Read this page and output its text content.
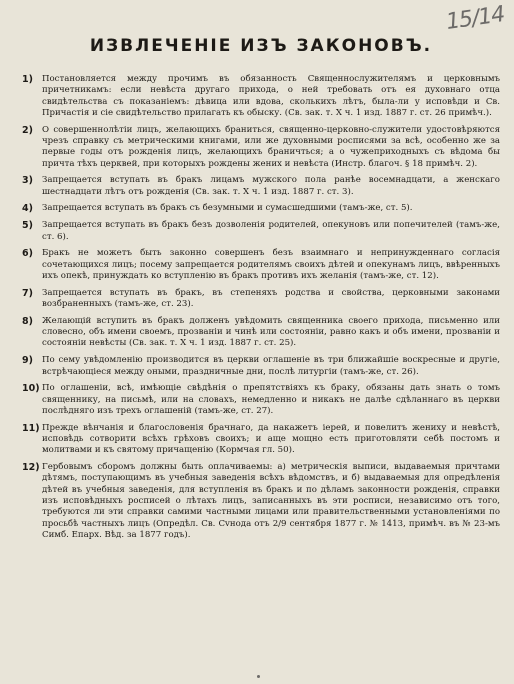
15/14
ИЗВЛЕЧЕНІЕ ИЗЪ ЗАКОНОВЪ.
1)	Постановляется между прочимъ въ обязанность Священнослужителямъ и церковнымъ причетникамъ: если невѣста другаго прихода, о ней требовать отъ ея духовнаго отца свидѣтельства съ показаніемъ: дѣвица или вдова, сколькихъ лѣтъ, была-ли у исповѣди и Св. Причастія и сіе свидѣтельство прилагать къ обыску. (Св. зак. т. X ч. 1 изд. 1887 г. ст. 26 примѣч.).
2)	О совершеннолѣтіи лицъ, желающихъ браниться, священно-церковно-служители удостовѣряются чрезъ справку съ метрическими книгами, или же духовными росписями за всѣ, особенно же за первые годы отъ рожденія лицъ, желающихъ браничться; а о чужеприходныхъ съ вѣдома бы причта тѣхъ церквей, при которыхъ рождены жених и невѣста (Инстр. благоч. § 18 примѣч. 2).
3)	Запрещается вступать въ бракъ лицамъ мужского пола ранѣе восемнадцати, а женскаго шестнадцати лѣтъ отъ рожденія (Св. зак. т. X ч. 1 изд. 1887 г. ст. 3).
4)	Запрещается вступать въ бракъ съ безумными и сумасшедшими (тамъ-же, ст. 5).
5)	Запрещается вступать въ бракъ безъ дозволенія родителей, опекуновъ или попечителей (тамъ-же, ст. 6).
6)	Бракъ не можетъ быть законно совершенъ безъ взаимнаго и непринужденнаго согласія сочетающихся лицъ; посему запрещается родителямъ своихъ дѣтей и опекунамъ лицъ, ввѣренныхъ ихъ опекѣ, принуждать ко вступленію въ бракъ противъ ихъ желанія (тамъ-же, ст. 12).
7)	Запрещается вступать въ бракъ, въ степеняхъ родства и свойства, церковными законами возбраненныхъ (тамъ-же, ст. 23).
8)	Желающій вступить въ бракъ долженъ увѣдомить священника своего прихода, письменно или словесно, объ имени своемъ, прозваніи и чинѣ или состояніи, равно какъ и объ имени, прозваніи и состояніи невѣсты (Св. зак. т. X ч. 1 изд. 1887 г. ст. 25).
9)	По сему увѣдомленію производится въ церкви оглашеніе въ три ближайшіе воскресные и другіе, встрѣчающіеся между оными, праздничные дни, послѣ литургіи (тамъ-же, ст. 26).
10) По оглашеніи, всѣ, имѣющіе свѣдѣнія о препятствіяхъ къ браку, обязаны дать знать о томъ священнику, на письмѣ, или на словахъ, немедленно и никакъ не далѣе сдѣланнаго въ церкви послѣдняго изъ трехъ оглашеній (тамъ-же, ст. 27).
11) Прежде вѣнчанія и благословенія брачнаго, да накажетъ іерей, и повелитъ жениху и невѣстѣ, исповѣдь сотворити всѣхъ грѣховъ своихъ; и аще мощно есть приготовляти себѣ постомъ и молитвами и къ святому причащенію (Кормчая гл. 50).
12) Гербовымъ сборомъ должны быть оплачиваемы: а) метрическія выписи, выдаваемыя причтами дѣтямъ, поступающимъ въ учебныя заведенія всѣхъ вѣдомствъ, и б) выдаваемыя для опредѣленія дѣтей въ учебныя заведенія, для вступленія въ бракъ и по дѣламъ законности рожденія, справки изъ исповѣдныхъ росписей о лѣтахъ лицъ, записанныхъ въ эти росписи, независимо отъ того, требуются ли эти справки самими частными лицами или правительственными установленіями по просьбѣ частныхъ лицъ (Опредѣл. Св. Сvнода отъ 2/9 сентября 1877 г. № 1413, примѣч. въ № 23-мъ Симб. Епарх. Вѣд. за 1877 годъ).
